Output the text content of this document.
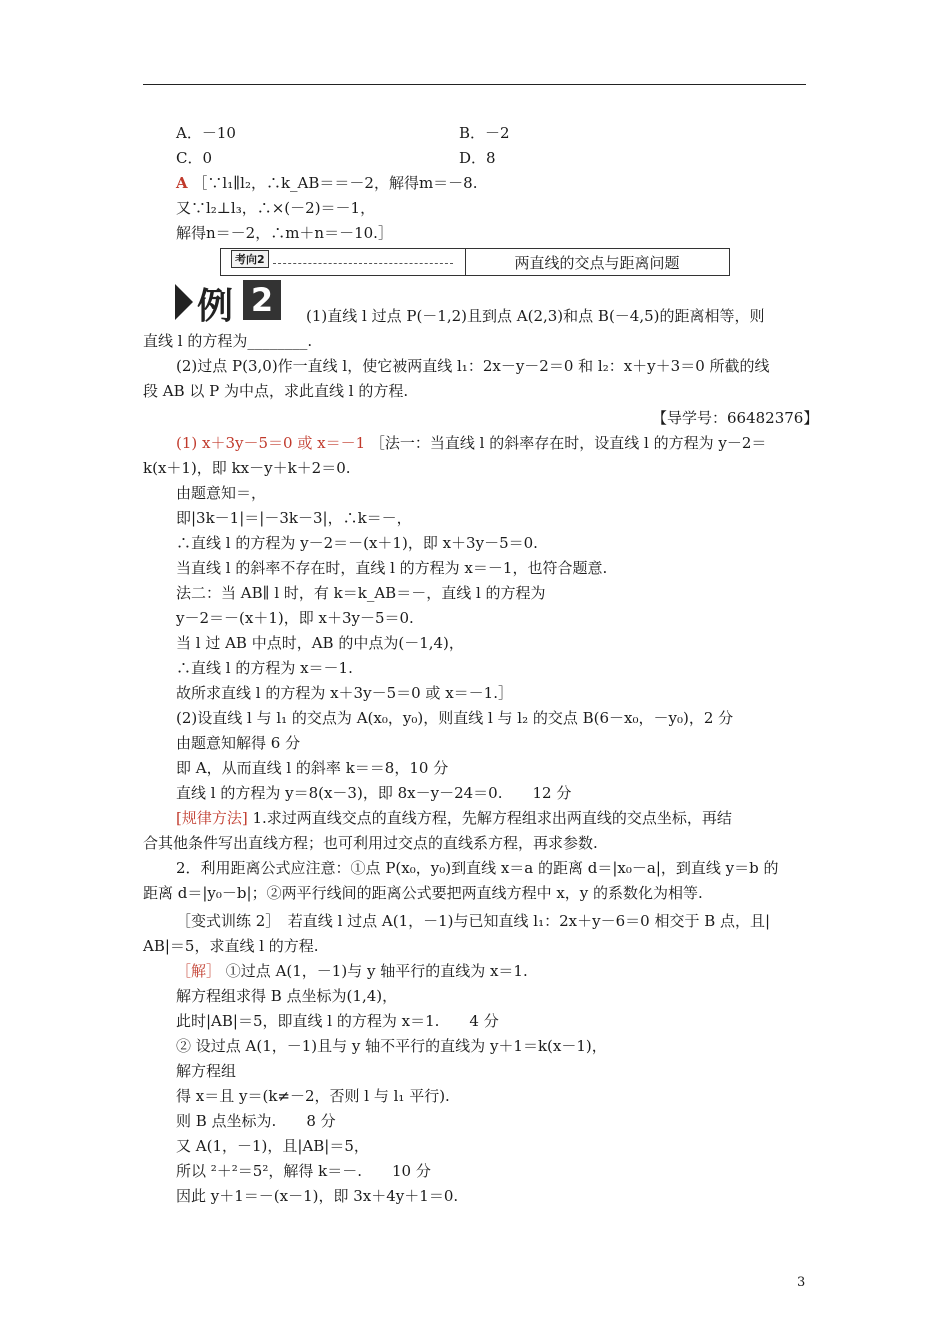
A．－10	B．－2
C．0	D．8
A ［∵l₁∥l₂，∴k_AB＝＝－2，解得m＝－8.
又∵l₂⊥l₃，∴×(－2)＝－1，
解得n＝－2，∴m＋n＝－10.］
考向2	两直线的交点与距离问题
例 2	(1)直线 l 过点 P(－1,2)且到点 A(2,3)和点 B(－4,5)的距离相等，则
直线 l 的方程为________.
(2)过点 P(3,0)作一直线 l，使它被两直线 l₁：2x－y－2＝0 和 l₂：x＋y＋3＝0 所截的线
段 AB 以 P 为中点，求此直线 l 的方程.
【导学号：66482376】
(1) x＋3y－5＝0 或 x＝－1 ［法一：当直线 l 的斜率存在时，设直线 l 的方程为 y－2＝
k(x＋1)，即 kx－y＋k＋2＝0.
由题意知＝，
即|3k－1|＝|－3k－3|，∴k＝－，
∴直线 l 的方程为 y－2＝－(x＋1)，即 x＋3y－5＝0.
当直线 l 的斜率不存在时，直线 l 的方程为 x＝－1，也符合题意.
法二：当 AB∥ l 时，有 k＝k_AB＝－，直线 l 的方程为
y－2＝－(x＋1)，即 x＋3y－5＝0.
当 l 过 AB 中点时，AB 的中点为(－1,4)，
∴直线 l 的方程为 x＝－1.
故所求直线 l 的方程为 x＋3y－5＝0 或 x＝－1.］
(2)设直线 l 与 l₁ 的交点为 A(x₀，y₀)，则直线 l 与 l₂ 的交点 B(6－x₀，－y₀)，2 分
由题意知解得 6 分
即 A，从而直线 l 的斜率 k＝＝8，10 分
直线 l 的方程为 y＝8(x－3)，即 8x－y－24＝0.　　12 分
[规律方法] 1.求过两直线交点的直线方程，先解方程组求出两直线的交点坐标，再结
合其他条件写出直线方程；也可利用过交点的直线系方程，再求参数.
2．利用距离公式应注意：①点 P(x₀，y₀)到直线 x＝a 的距离 d＝|x₀－a|，到直线 y＝b 的
距离 d＝|y₀－b|；②两平行线间的距离公式要把两直线方程中 x，y 的系数化为相等.
［变式训练 2］　若直线 l 过点 A(1，－1)与已知直线 l₁：2x＋y－6＝0 相交于 B 点，且|
AB|＝5，求直线 l 的方程.
［解］ ①过点 A(1，－1)与 y 轴平行的直线为 x＝1.
解方程组求得 B 点坐标为(1,4)，
此时|AB|＝5，即直线 l 的方程为 x＝1.　　4 分
② 设过点 A(1，－1)且与 y 轴不平行的直线为 y＋1＝k(x－1)，
解方程组
得 x＝且 y＝(k≠－2，否则 l 与 l₁ 平行).
则 B 点坐标为.　　8 分
又 A(1，－1)，且|AB|＝5，
所以 ²＋²＝5²，解得 k＝－.　　10 分
因此 y＋1＝－(x－1)，即 3x＋4y＋1＝0.
3
